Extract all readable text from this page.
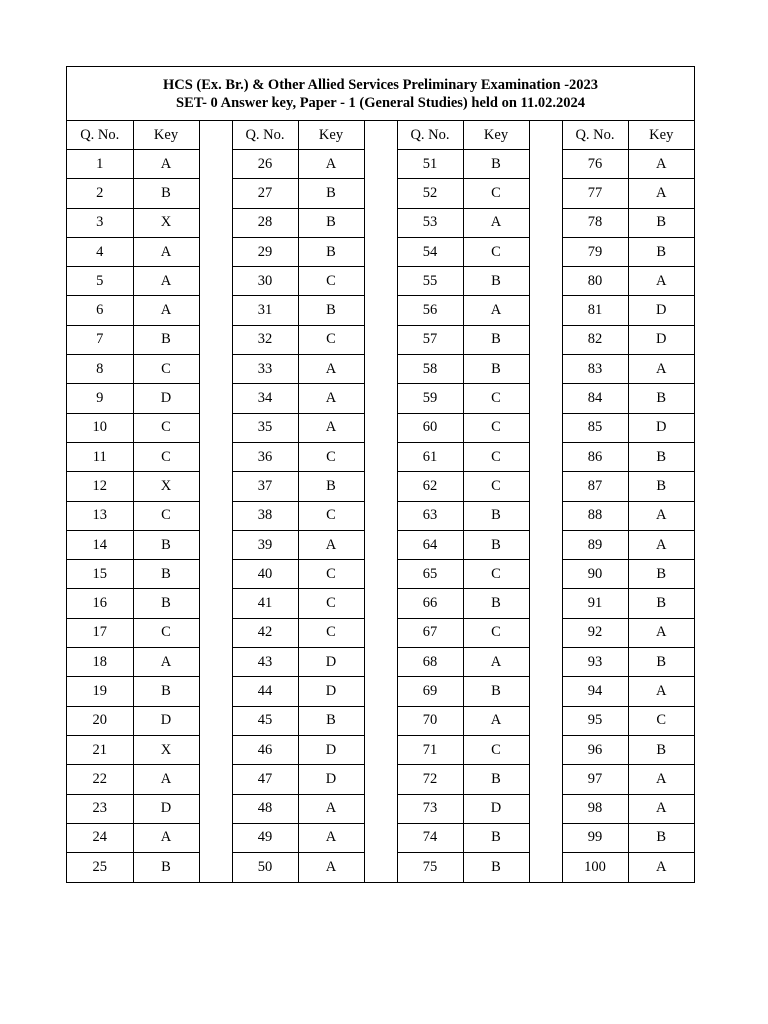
HCS (Ex. Br.) & Other Allied Services Preliminary Examination -2023
SET- 0 Answer key, Paper - 1 (General Studies) held on 11.02.2024
Q. No.	Key		Q. No.	Key		Q. No.	Key		Q. No.	Key
1	A		26	A		51	B		76	A
2	B		27	B		52	C		77	A
3	X		28	B		53	A		78	B
4	A		29	B		54	C		79	B
5	A		30	C		55	B		80	A
6	A		31	B		56	A		81	D
7	B		32	C		57	B		82	D
8	C		33	A		58	B		83	A
9	D		34	A		59	C		84	B
10	C		35	A		60	C		85	D
11	C		36	C		61	C		86	B
12	X		37	B		62	C		87	B
13	C		38	C		63	B		88	A
14	B		39	A		64	B		89	A
15	B		40	C		65	C		90	B
16	B		41	C		66	B		91	B
17	C		42	C		67	C		92	A
18	A		43	D		68	A		93	B
19	B		44	D		69	B		94	A
20	D		45	B		70	A		95	C
21	X		46	D		71	C		96	B
22	A		47	D		72	B		97	A
23	D		48	A		73	D		98	A
24	A		49	A		74	B		99	B
25	B		50	A		75	B		100	A
